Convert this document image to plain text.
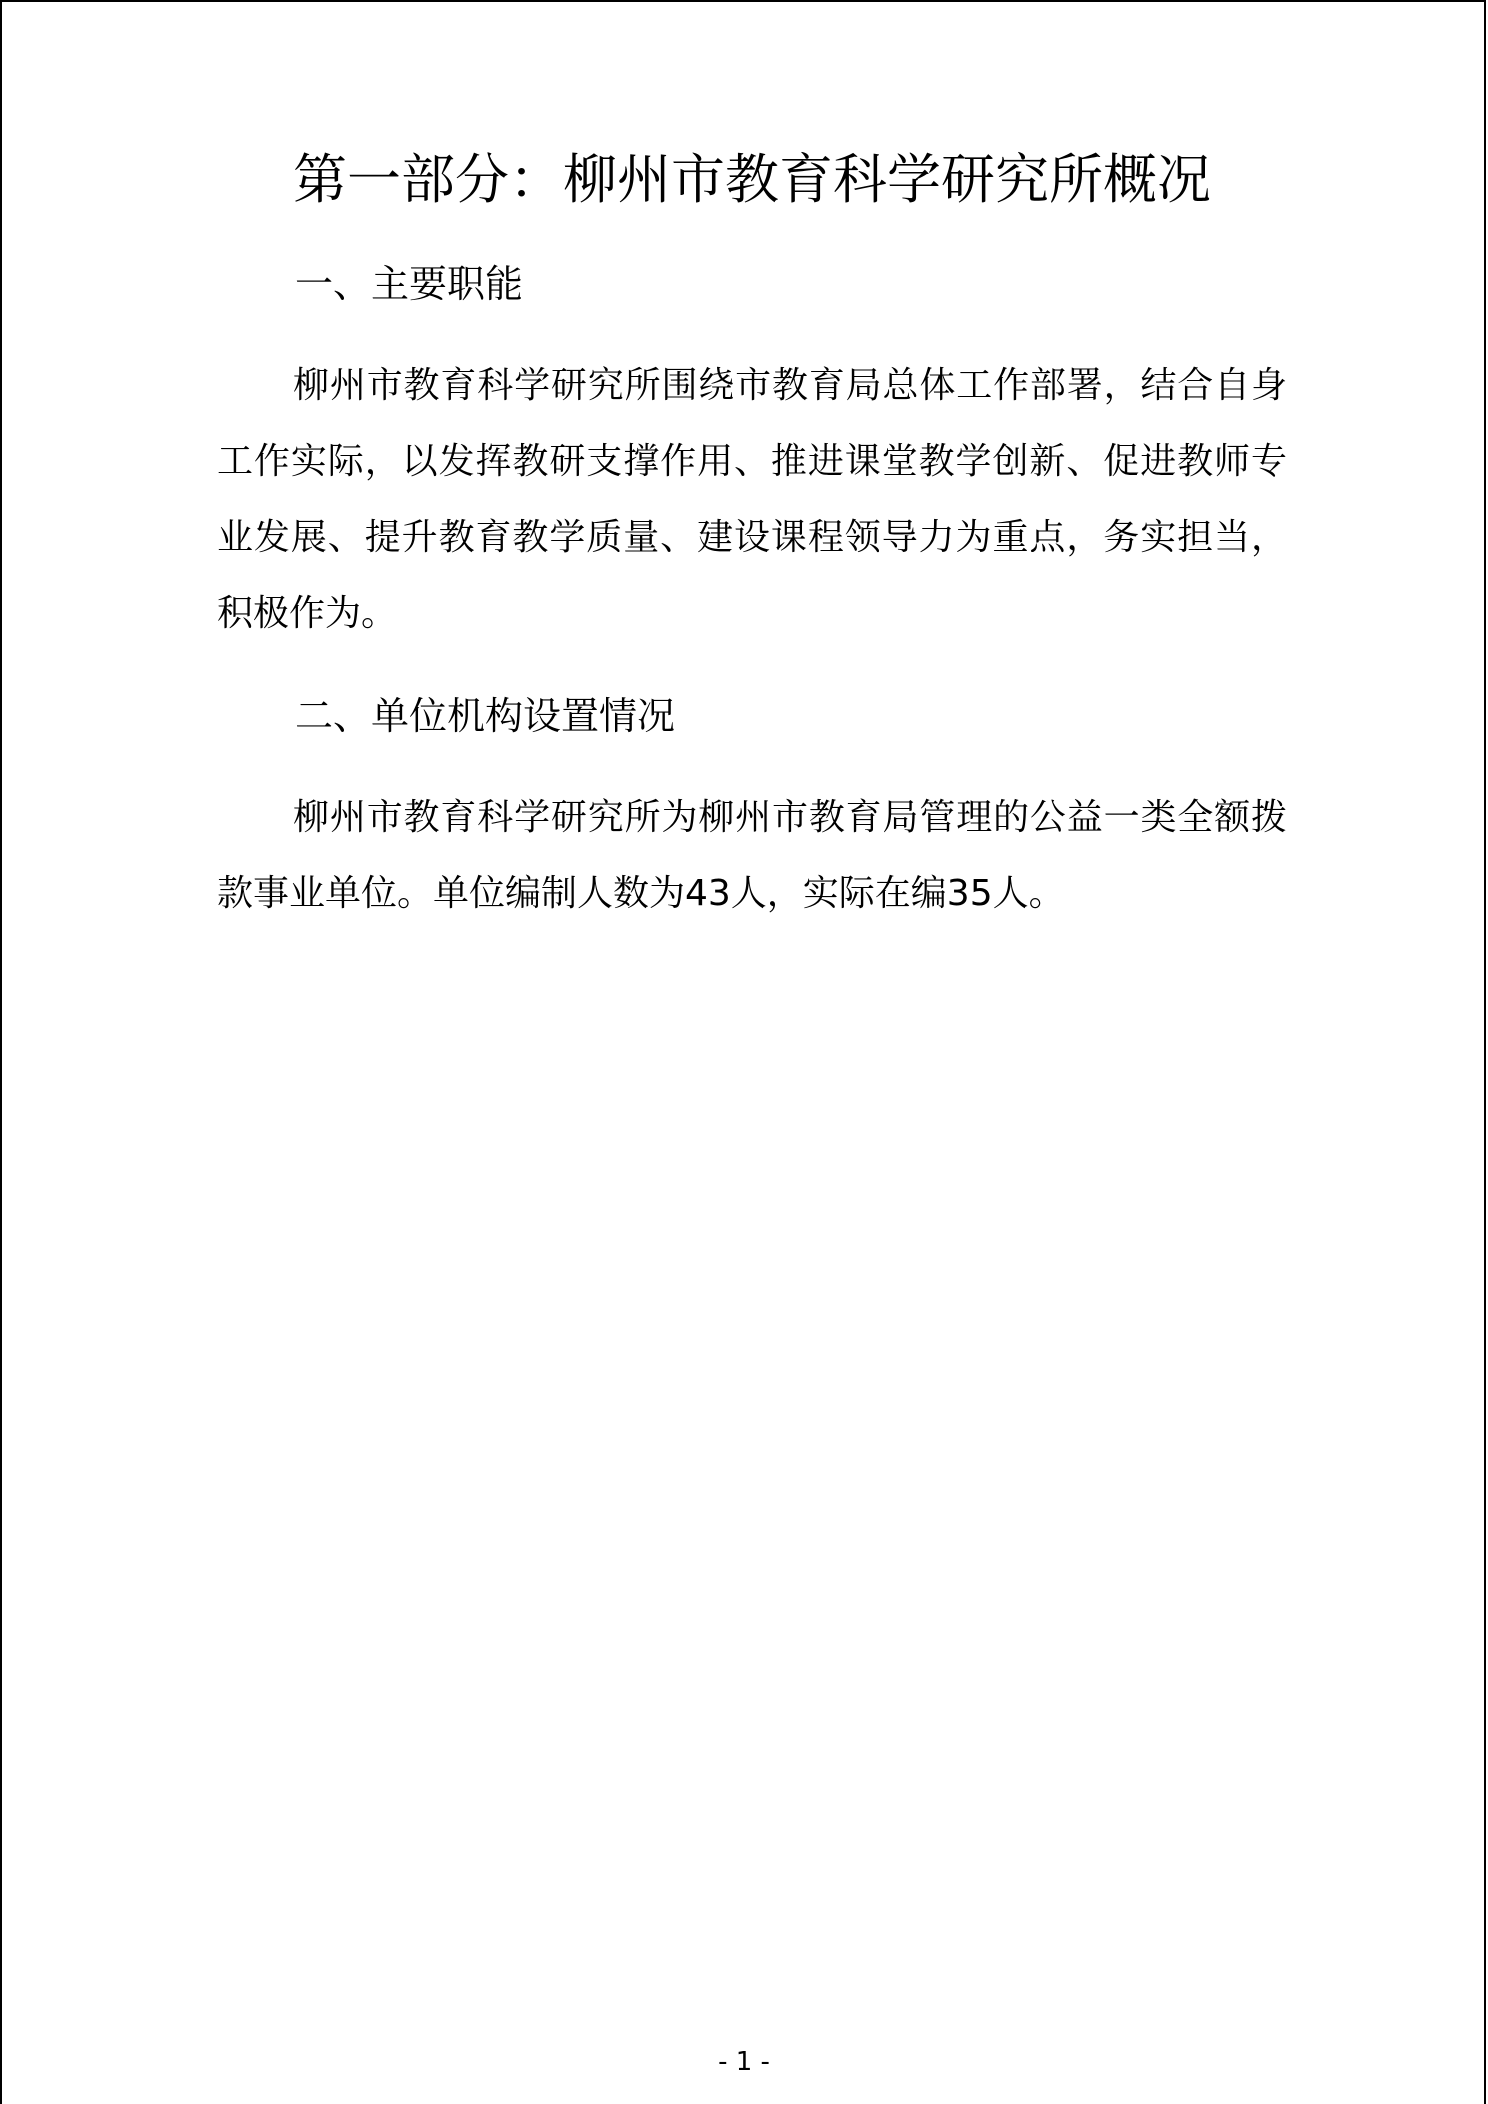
第一部分：柳州市教育科学研究所概况
一、主要职能

柳州市教育科学研究所围绕市教育局总体工作部署，结合自身工作实际，以发挥教研支撑作用、推进课堂教学创新、促进教师专业发展、提升教育教学质量、建设课程领导力为重点，务实担当，积极作为。

二、单位机构设置情况

柳州市教育科学研究所为柳州市教育局管理的公益一类全额拨款事业单位。单位编制人数为43人，实际在编35人。

- 1 -
